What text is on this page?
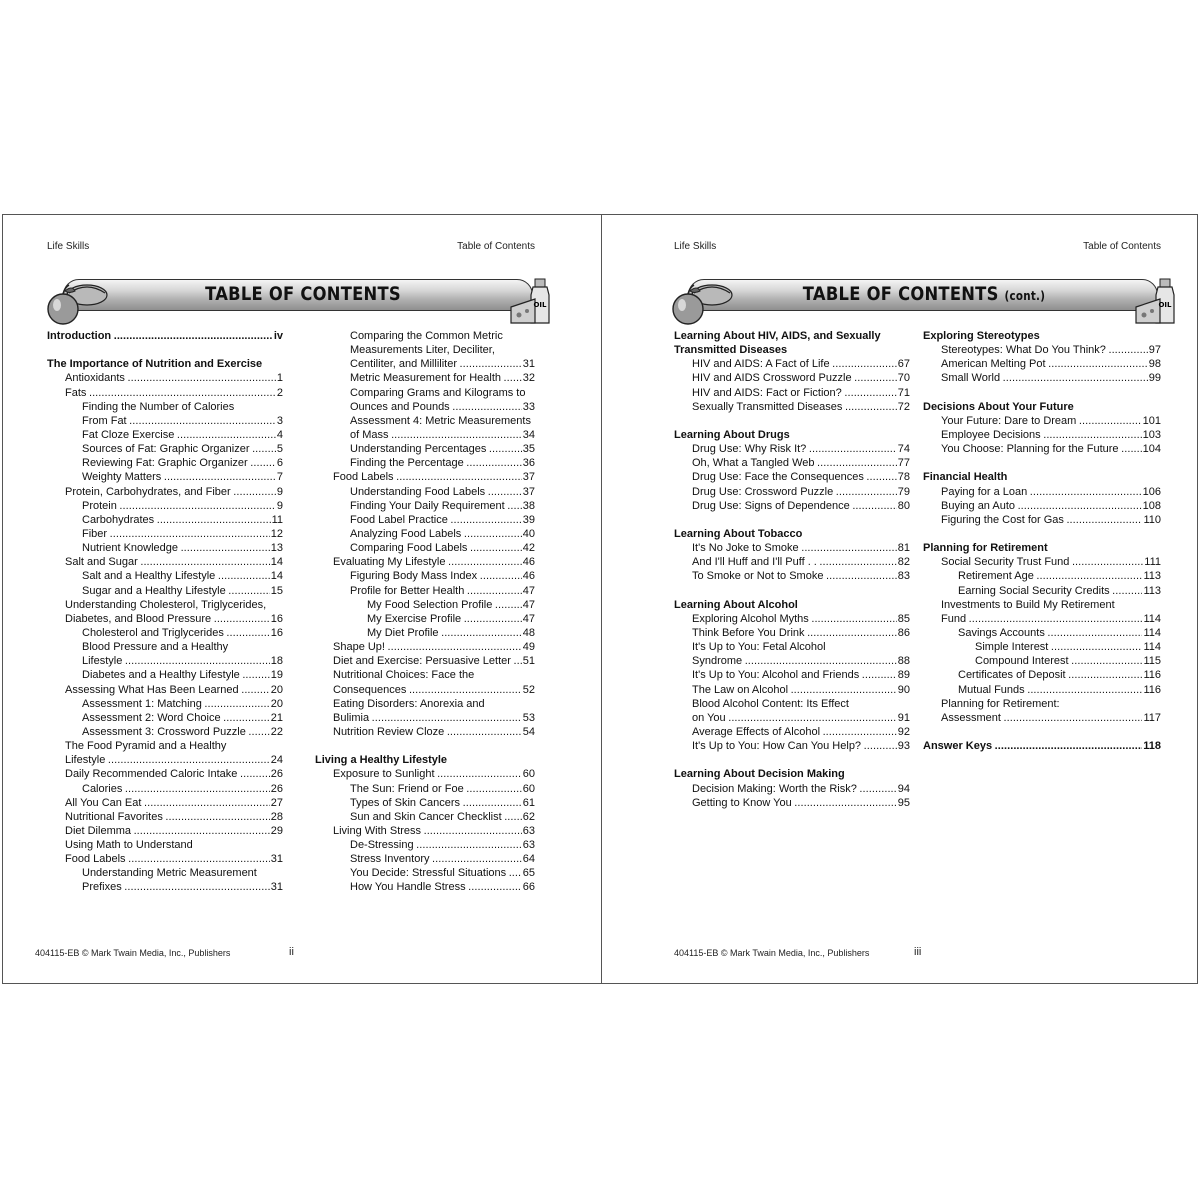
Life Skills	Table of Contents
TABLE OF CONTENTS	OIL
Introduction . . .	iv
The Importance of Nutrition and Exercise
Antioxidants . . .	1
Fats . . .	2
Finding the Number of Calories
From Fat . . .	3
Fat Cloze Exercise . . .	4
Sources of Fat: Graphic Organizer . . .	5
Reviewing Fat: Graphic Organizer . . .	6
Weighty Matters . . .	7
Protein, Carbohydrates, and Fiber . . .	9
Protein . . .	9
Carbohydrates . . .	11
Fiber . . .	12
Nutrient Knowledge . . .	13
Salt and Sugar . . .	14
Salt and a Healthy Lifestyle . . .	14
Sugar and a Healthy Lifestyle . . .	15
Understanding Cholesterol, Triglycerides,
Diabetes, and Blood Pressure . . .	16
Cholesterol and Triglycerides . . .	16
Blood Pressure and a Healthy
Lifestyle . . .	18
Diabetes and a Healthy Lifestyle . . .	19
Assessing What Has Been Learned . . .	20
Assessment 1: Matching . . .	20
Assessment 2: Word Choice . . .	21
Assessment 3: Crossword Puzzle . . .	22
The Food Pyramid and a Healthy
Lifestyle . . .	24
Daily Recommended Caloric Intake . . .	26
Calories . . .	26
All You Can Eat . . .	27
Nutritional Favorites . . .	28
Diet Dilemma . . .	29
Using Math to Understand
Food Labels . . .	31
Understanding Metric Measurement
Prefixes . . .	31
Comparing the Common Metric
Measurements Liter, Deciliter,
Centiliter, and Milliliter . . .	31
Metric Measurement for Health . . .	32
Comparing Grams and Kilograms to
Ounces and Pounds . . .	33
Assessment 4: Metric Measurements
of Mass . . .	34
Understanding Percentages . . .	35
Finding the Percentage . . .	36
Food Labels . . .	37
Understanding Food Labels . . .	37
Finding Your Daily Requirement . . .	38
Food Label Practice . . .	39
Analyzing Food Labels . . .	40
Comparing Food Labels . . .	42
Evaluating My Lifestyle . . .	46
Figuring Body Mass Index . . .	46
Profile for Better Health . . .	47
My Food Selection Profile . . .	47
My Exercise Profile . . .	47
My Diet Profile . . .	48
Shape Up! . . .	49
Diet and Exercise: Persuasive Letter . . .	51
Nutritional Choices: Face the
Consequences . . .	52
Eating Disorders: Anorexia and
Bulimia . . .	53
Nutrition Review Cloze . . .	54
Living a Healthy Lifestyle
Exposure to Sunlight . . .	60
The Sun: Friend or Foe . . .	60
Types of Skin Cancers . . .	61
Sun and Skin Cancer Checklist . . .	62
Living With Stress . . .	63
De-Stressing . . .	63
Stress Inventory . . .	64
You Decide: Stressful Situations . . .	65
How You Handle Stress . . .	66
404115-EB © Mark Twain Media, Inc., Publishers	ii
Life Skills	Table of Contents
TABLE OF CONTENTS (cont.)
OIL
Learning About HIV, AIDS, and Sexually
Transmitted Diseases
HIV and AIDS: A Fact of Life . . .	67
HIV and AIDS Crossword Puzzle . . .	70
HIV and AIDS: Fact or Fiction? . . .	71
Sexually Transmitted Diseases . . .	72
Learning About Drugs
Drug Use: Why Risk It? . . .	74
Oh, What a Tangled Web . . .	77
Drug Use: Face the Consequences . . .	78
Drug Use: Crossword Puzzle . . .	79
Drug Use: Signs of Dependence . . .	80
Learning About Tobacco
It's No Joke to Smoke . . .	81
And I'll Huff and I'll Puff . . . . .	82
To Smoke or Not to Smoke . . .	83
Learning About Alcohol
Exploring Alcohol Myths . . .	85
Think Before You Drink . . .	86
It's Up to You: Fetal Alcohol
Syndrome . . .	88
It's Up to You: Alcohol and Friends . . .	89
The Law on Alcohol . . .	90
Blood Alcohol Content: Its Effect
on You . . .	91
Average Effects of Alcohol . . .	92
It's Up to You: How Can You Help? . . .	93
Learning About Decision Making
Decision Making: Worth the Risk? . . .	94
Getting to Know You . . .	95
Exploring Stereotypes
Stereotypes: What Do You Think? . . .	97
American Melting Pot . . .	98
Small World . . .	99
Decisions About Your Future
Your Future: Dare to Dream . . .	101
Employee Decisions . . .	103
You Choose: Planning for the Future . . .	104
Financial Health
Paying for a Loan . . .	106
Buying an Auto . . .	108
Figuring the Cost for Gas . . .	110
Planning for Retirement
Social Security Trust Fund . . .	111
Retirement Age . . .	113
Earning Social Security Credits . . .	113
Investments to Build My Retirement
Fund . . .	114
Savings Accounts . . .	114
Simple Interest . . .	114
Compound Interest . . .	115
Certificates of Deposit . . .	116
Mutual Funds . . .	116
Planning for Retirement:
Assessment . . .	117
Answer Keys . . .	118
404115-EB © Mark Twain Media, Inc., Publishers	iii
